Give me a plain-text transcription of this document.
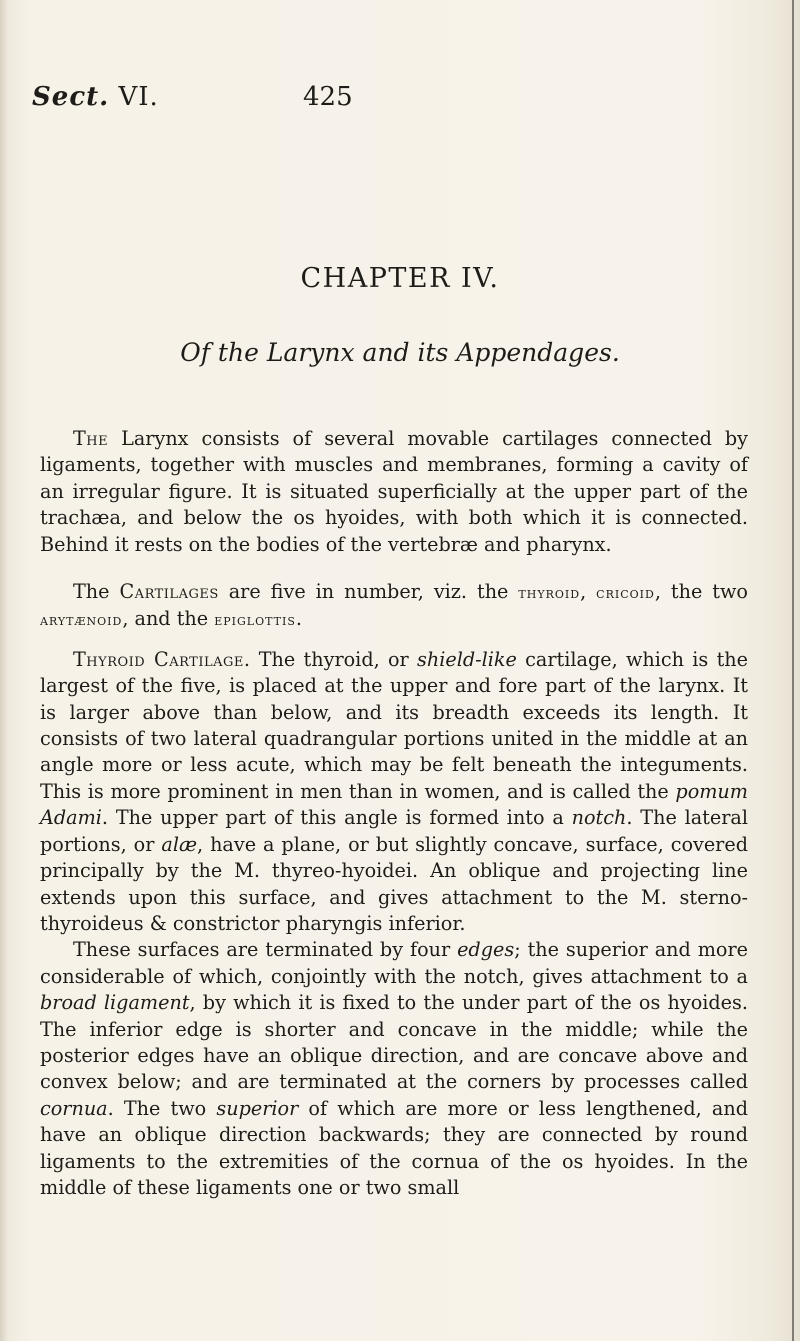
Sect. VI.	425
CHAPTER IV.
Of the Larynx and its Appendages.

The Larynx consists of several movable cartilages connected by ligaments, together with muscles and membranes, forming a cavity of an irregular figure. It is situated superficially at the upper part of the trachæa, and below the os hyoides, with both which it is connected. Behind it rests on the bodies of the vertebræ and pharynx.

The Cartilages are five in number, viz. the thyroid, cricoid, the two arytænoid, and the epiglottis.

Thyroid Cartilage. The thyroid, or shield-like cartilage, which is the largest of the five, is placed at the upper and fore part of the larynx. It is larger above than below, and its breadth exceeds its length. It consists of two lateral quadrangular portions united in the middle at an angle more or less acute, which may be felt beneath the integuments. This is more prominent in men than in women, and is called the pomum Adami. The upper part of this angle is formed into a notch. The lateral portions, or alæ, have a plane, or but slightly concave, surface, covered principally by the M. thyreo-hyoidei. An oblique and projecting line extends upon this surface, and gives attachment to the M. sterno-thyroideus & constrictor pharyngis inferior.

These surfaces are terminated by four edges; the superior and more considerable of which, conjointly with the notch, gives attachment to a broad ligament, by which it is fixed to the under part of the os hyoides. The inferior edge is shorter and concave in the middle; while the posterior edges have an oblique direction, and are concave above and convex below; and are terminated at the corners by processes called cornua. The two superior of which are more or less lengthened, and have an oblique direction backwards; they are connected by round ligaments to the extremities of the cornua of the os hyoides. In the middle of these ligaments one or two small
